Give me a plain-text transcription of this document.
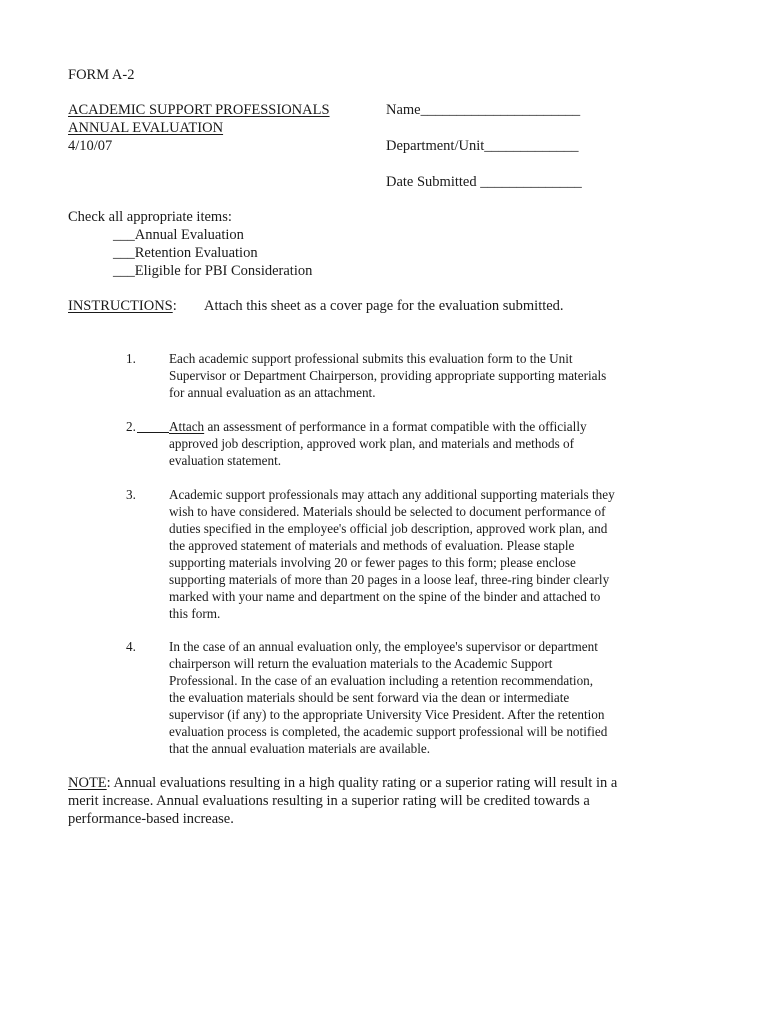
FORM A-2
ACADEMIC SUPPORT PROFESSIONALS
ANNUAL EVALUATION
4/10/07
Name______________________
Department/Unit_____________
Date Submitted ______________
Check all appropriate items:
___Annual Evaluation
___Retention Evaluation
___Eligible for PBI Consideration
INSTRUCTIONS: Attach this sheet as a cover page for the evaluation submitted.
1.	Each academic support professional submits this evaluation form to the Unit
Supervisor or Department Chairperson, providing appropriate supporting materials
for annual evaluation as an attachment.
2.	Attach an assessment of performance in a format compatible with the officially
approved job description, approved work plan, and materials and methods of
evaluation statement.
3.	Academic support professionals may attach any additional supporting materials they
wish to have considered. Materials should be selected to document performance of
duties specified in the employee's official job description, approved work plan, and
the approved statement of materials and methods of evaluation. Please staple
supporting materials involving 20 or fewer pages to this form; please enclose
supporting materials of more than 20 pages in a loose leaf, three-ring binder clearly
marked with your name and department on the spine of the binder and attached to
this form.
4.	In the case of an annual evaluation only, the employee's supervisor or department
chairperson will return the evaluation materials to the Academic Support
Professional. In the case of an evaluation including a retention recommendation,
the evaluation materials should be sent forward via the dean or intermediate
supervisor (if any) to the appropriate University Vice President. After the retention
evaluation process is completed, the academic support professional will be notified
that the annual evaluation materials are available.
NOTE: Annual evaluations resulting in a high quality rating or a superior rating will result in a
merit increase. Annual evaluations resulting in a superior rating will be credited towards a
performance-based increase.
